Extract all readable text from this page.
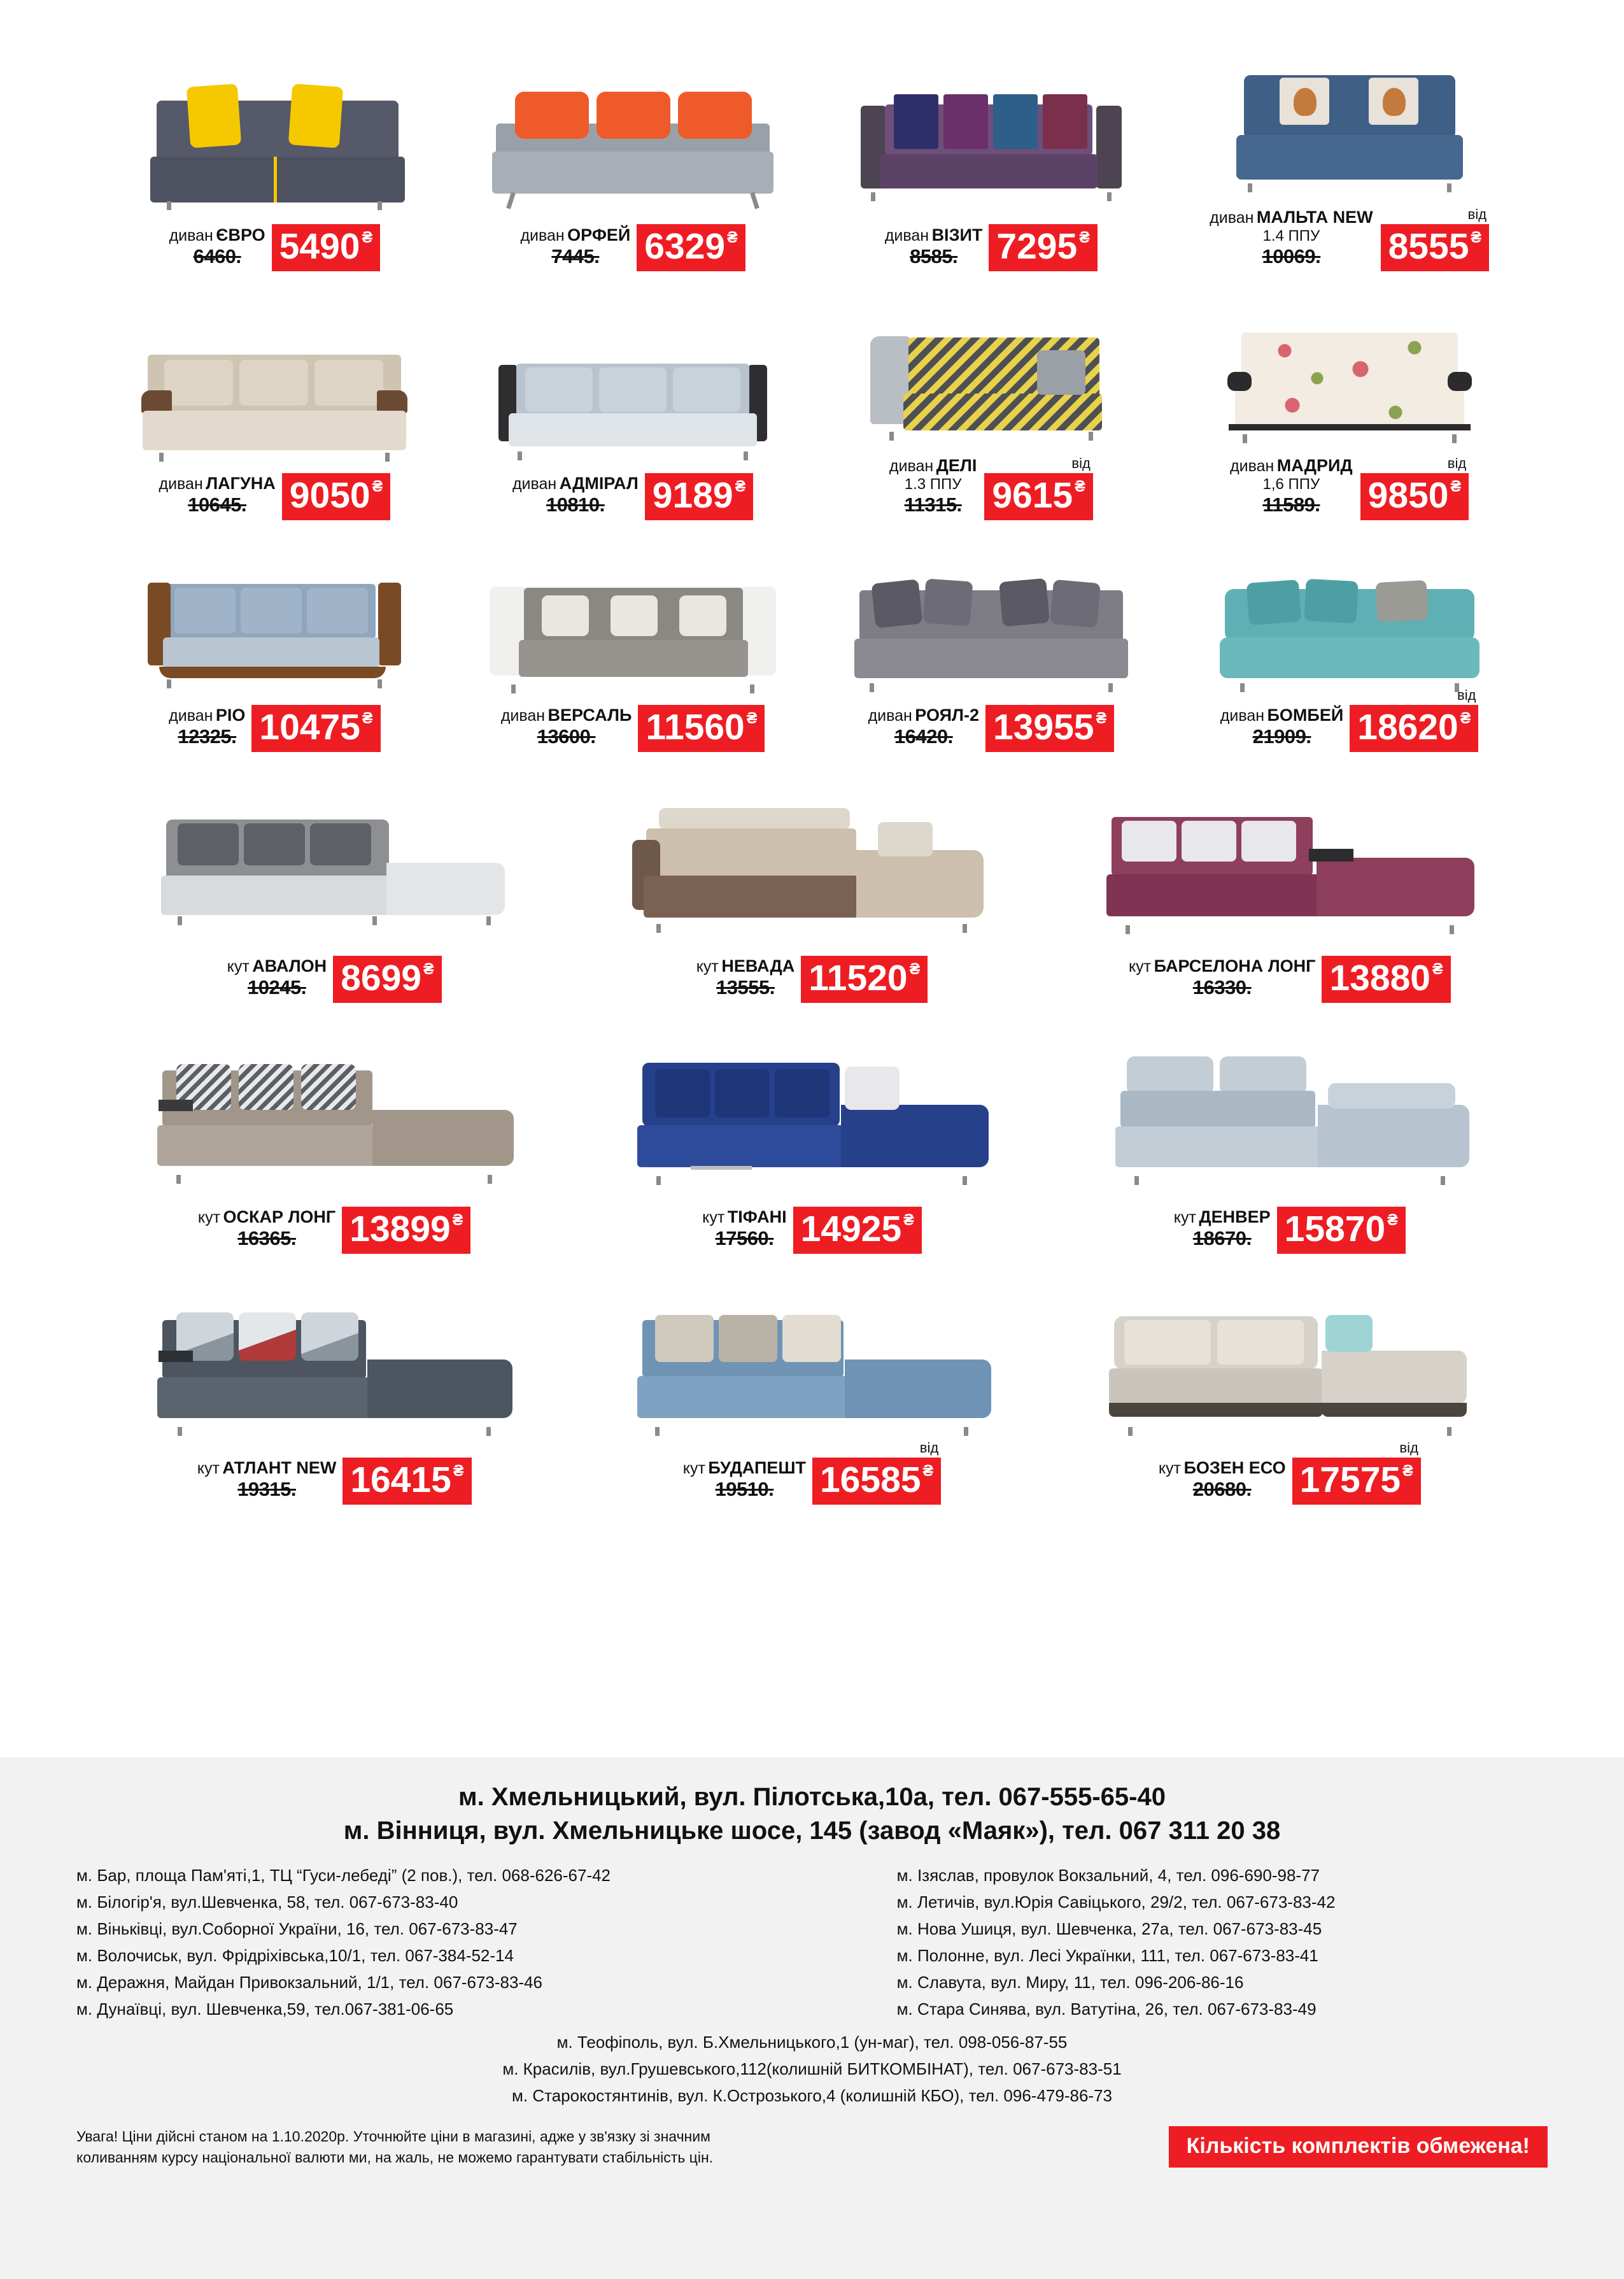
диван ЄВРО
6460.	5490 ₴	диван ОРФЕЙ
7445.	6329 ₴	диван ВІЗИТ
8585.	7295 ₴
диван МАЛЬТА NEW
1.4 ППУ
10069.
від
8555 ₴
диван ЛАГУНА
10645.	9050 ₴	диван АДМІРАЛ
10810.	9189 ₴
диван ДЕЛІ
1.3 ППУ
11315.
від
9615 ₴
диван МАДРИД
1,6 ППУ
11589.
від
9850 ₴
диван РІО
12325. 10475 ₴	диван ВЕРСАЛЬ
13600.	11560 ₴	диван РОЯЛ-2
16420.	13955 ₴	диван БОМБЕЙ
21909.
від
18620 ₴
кут АВАЛОН
10245. 8699 ₴	кут НЕВАДА
13555. 11520 ₴	кут БАРСЕЛОНА ЛОНГ
16330.	13880 ₴
кут ОСКАР ЛОНГ
16365.	13899 ₴	кут ТІФАНІ
17560. 14925 ₴	кут ДЕНВЕР
18670. 15870 ₴
кут АТЛАНТ NEW
19315.	16415 ₴	кут БУДАПЕШТ
19510.
від
16585 ₴	кут БОЗЕН ЕСО
20680.
від
17575 ₴
м. Хмельницький, вул. Пілотська,10а, тел. 067-555-65-40
м. Вінниця, вул. Хмельницьке шосе, 145 (завод «Маяк»), тел. 067 311 20 38
м. Бар, площа Пам'яті,1, ТЦ “Гуси-лебеді” (2 пов.), тел. 068-626-67-42
м. Білогір'я, вул.Шевченка, 58, тел. 067-673-83-40
м. Віньківці, вул.Соборної України, 16, тел. 067-673-83-47
м. Волочиськ, вул. Фрідріхівська,10/1, тел. 067-384-52-14
м. Деражня, Майдан Привокзальний, 1/1, тел. 067-673-83-46
м. Дунаївці, вул. Шевченка,59, тел.067-381-06-65
м. Ізяслав, провулок Вокзальний, 4, тел. 096-690-98-77
м. Летичів, вул.Юрія Савіцького, 29/2, тел. 067-673-83-42
м. Нова Ушиця, вул. Шевченка, 27а, тел. 067-673-83-45
м. Полонне, вул. Лесі Українки, 111, тел. 067-673-83-41
м. Славута, вул. Миру, 11, тел. 096-206-86-16
м. Стара Синява, вул. Ватутіна, 26, тел. 067-673-83-49
м. Теофіполь, вул. Б.Хмельницького,1 (ун-маг), тел. 098-056-87-55
м. Красилів, вул.Грушевського,112(колишній БИТКОМБІНАТ), тел. 067-673-83-51
м. Старокостянтинів, вул. К.Острозького,4 (колишній КБО), тел. 096-479-86-73
Увага! Ціни дійсні станом на 1.10.2020р. Уточнюйте ціни в магазині, адже у зв'язку зі значним
коливанням курсу національної валюти ми, на жаль, не можемо гарантувати стабільність цін.	Кількість комплектів обмежена!
